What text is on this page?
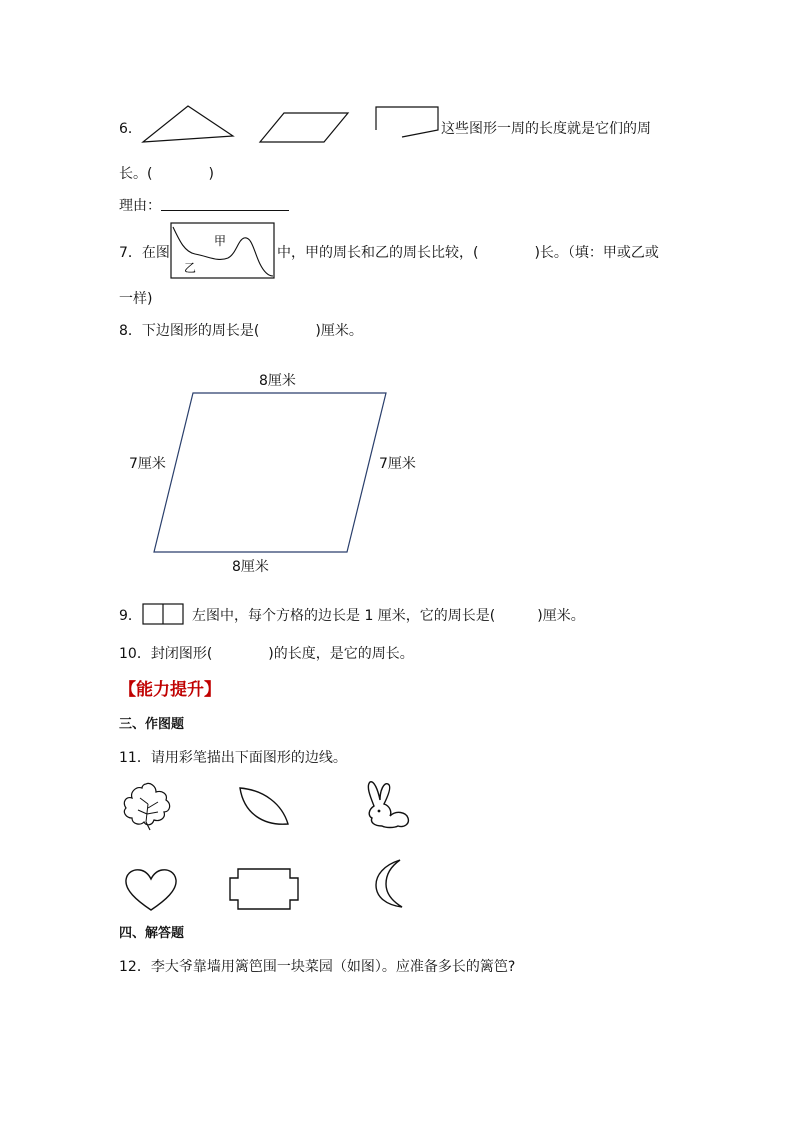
6．	这些图形一周的长度就是它们的周
长。(　　　　)
理由：
7．在图
甲
乙
中，甲的周长和乙的周长比较，(　　　　)长。（填：甲或乙或
一样)
8．下边图形的周长是(　　　　)厘米。
8厘米
7厘米	7厘米
8厘米
9．	左图中，每个方格的边长是 1 厘米，它的周长是(　　　)厘米。
10．封闭图形(　　　　)的长度，是它的周长。
【能力提升】
三、作图题
11．请用彩笔描出下面图形的边线。
四、解答题
12．李大爷靠墙用篱笆围一块菜园（如图）。应准备多长的篱笆?
